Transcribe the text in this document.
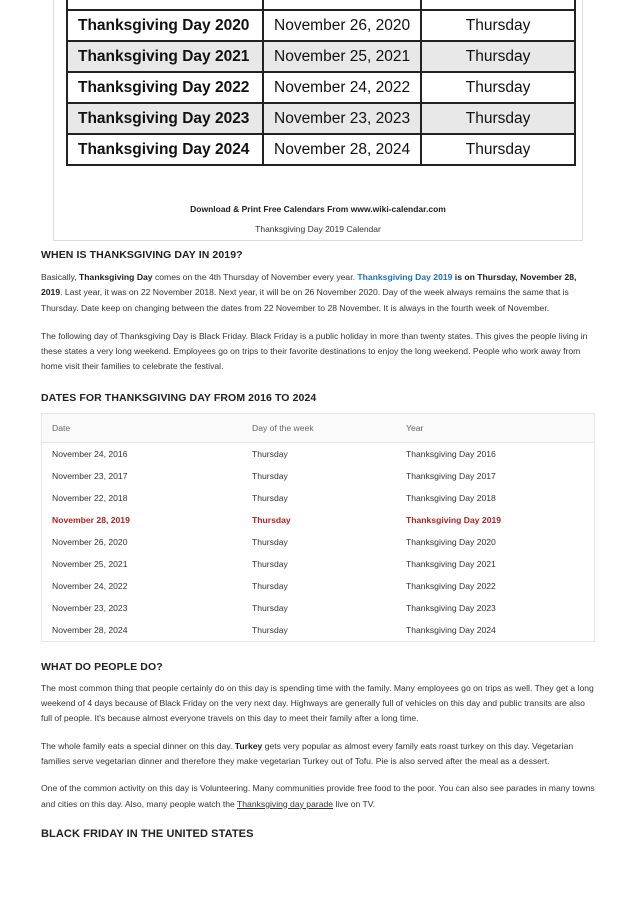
Thanksgiving Day 2020	November 26, 2020	Thursday
Thanksgiving Day 2021	November 25, 2021	Thursday
Thanksgiving Day 2022	November 24, 2022	Thursday
Thanksgiving Day 2023	November 23, 2023	Thursday
Thanksgiving Day 2024	November 28, 2024	Thursday
Download & Print Free Calendars From www.wiki-calendar.com
Thanksgiving Day 2019 Calendar
WHEN IS THANKSGIVING DAY IN 2019?

Basically, Thanksgiving Day comes on the 4th Thursday of November every year. Thanksgiving Day 2019 is on Thursday, November 28, 2019. Last year, it was on 22 November 2018. Next year, it will be on 26 November 2020. Day of the week always remains the same that is Thursday. Date keep on changing between the dates from 22 November to 28 November. It is always in the fourth week of November.

The following day of Thanksgiving Day is Black Friday. Black Friday is a public holiday in more than twenty states. This gives the people living in these states a very long weekend. Employees go on trips to their favorite destinations to enjoy the long weekend. People who work away from home visit their families to celebrate the festival.

DATES FOR THANKSGIVING DAY FROM 2016 TO 2024
Date	Day of the week	Year
November 24, 2016	Thursday	Thanksgiving Day 2016
November 23, 2017	Thursday	Thanksgiving Day 2017
November 22, 2018	Thursday	Thanksgiving Day 2018
November 28, 2019	Thursday	Thanksgiving Day 2019
November 26, 2020	Thursday	Thanksgiving Day 2020
November 25, 2021	Thursday	Thanksgiving Day 2021
November 24, 2022	Thursday	Thanksgiving Day 2022
November 23, 2023	Thursday	Thanksgiving Day 2023
November 28, 2024	Thursday	Thanksgiving Day 2024
WHAT DO PEOPLE DO?

The most common thing that people certainly do on this day is spending time with the family. Many employees go on trips as well. They get a long weekend of 4 days because of Black Friday on the very next day. Highways are generally full of vehicles on this day and public transits are also full of people. It's because almost everyone travels on this day to meet their family after a long time.

The whole family eats a special dinner on this day. Turkey gets very popular as almost every family eats roast turkey on this day. Vegetarian families serve vegetarian dinner and therefore they make vegetarian Turkey out of Tofu. Pie is also served after the meal as a dessert.

One of the common activity on this day is Volunteering. Many communities provide free food to the poor. You can also see parades in many towns and cities on this day. Also, many people watch the Thanksgiving day parade live on TV.

BLACK FRIDAY IN THE UNITED STATES
